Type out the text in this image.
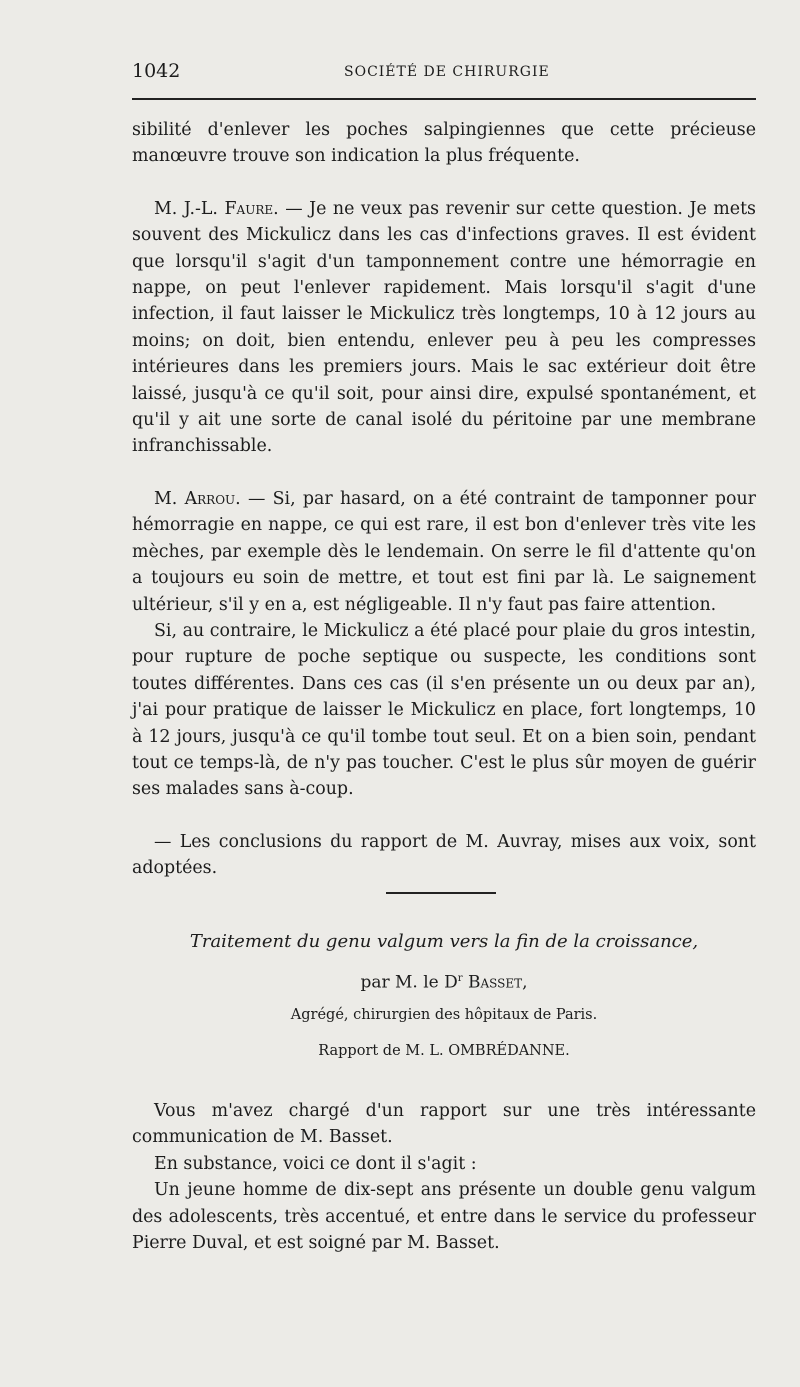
1042	SOCIÉTÉ DE CHIRURGIE

sibilité d'enlever les poches salpingiennes que cette précieuse manœuvre trouve son indication la plus fréquente.

M. J.-L. Faure. — Je ne veux pas revenir sur cette question. Je mets souvent des Mickulicz dans les cas d'infections graves. Il est évident que lorsqu'il s'agit d'un tamponnement contre une hémorragie en nappe, on peut l'enlever rapidement. Mais lorsqu'il s'agit d'une infection, il faut laisser le Mickulicz très longtemps, 10 à 12 jours au moins; on doit, bien entendu, enlever peu à peu les compresses intérieures dans les premiers jours. Mais le sac extérieur doit être laissé, jusqu'à ce qu'il soit, pour ainsi dire, expulsé spontanément, et qu'il y ait une sorte de canal isolé du péritoine par une membrane infranchissable.

M. Arrou. — Si, par hasard, on a été contraint de tamponner pour hémorragie en nappe, ce qui est rare, il est bon d'enlever très vite les mèches, par exemple dès le lendemain. On serre le fil d'attente qu'on a toujours eu soin de mettre, et tout est fini par là. Le saignement ultérieur, s'il y en a, est négligeable. Il n'y faut pas faire attention.

Si, au contraire, le Mickulicz a été placé pour plaie du gros intestin, pour rupture de poche septique ou suspecte, les conditions sont toutes différentes. Dans ces cas (il s'en présente un ou deux par an), j'ai pour pratique de laisser le Mickulicz en place, fort longtemps, 10 à 12 jours, jusqu'à ce qu'il tombe tout seul. Et on a bien soin, pendant tout ce temps-là, de n'y pas toucher. C'est le plus sûr moyen de guérir ses malades sans à-coup.

— Les conclusions du rapport de M. Auvray, mises aux voix, sont adoptées.

Traitement du genu valgum vers la fin de la croissance,

par M. le $D^r$ Basset,

Agrégé, chirurgien des hôpitaux de Paris.

Rapport de M. L. OMBRÉDANNE.

Vous m'avez chargé d'un rapport sur une très intéressante communication de M. Basset.

En substance, voici ce dont il s'agit :

Un jeune homme de dix-sept ans présente un double genu valgum des adolescents, très accentué, et entre dans le service du professeur Pierre Duval, et est soigné par M. Basset.
